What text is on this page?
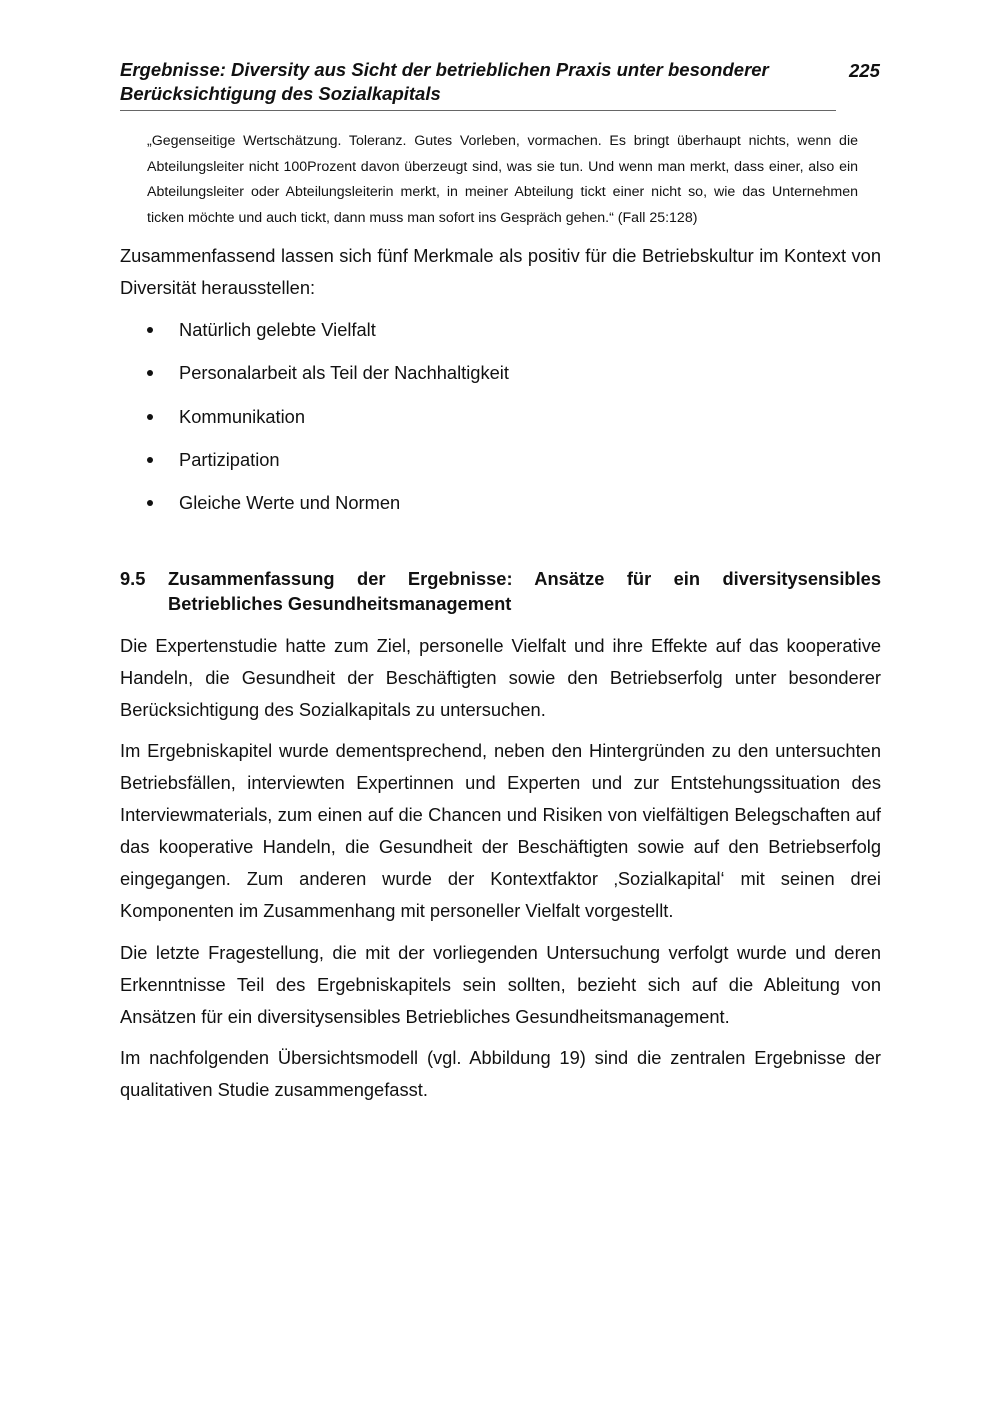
Ergebnisse: Diversity aus Sicht der betrieblichen Praxis unter besonderer
Berücksichtigung des Sozialkapitals
225
„Gegenseitige Wertschätzung. Toleranz. Gutes Vorleben, vormachen. Es bringt überhaupt nichts, wenn die Abteilungsleiter nicht 100Prozent davon überzeugt sind, was sie tun. Und wenn man merkt, dass einer, also ein Abteilungsleiter oder Abteilungsleiterin merkt, in meiner Abteilung tickt einer nicht so, wie das Unternehmen ticken möchte und auch tickt, dann muss man sofort ins Gespräch gehen.“ (Fall 25:128)

Zusammenfassend lassen sich fünf Merkmale als positiv für die Betriebskultur im Kontext von Diversität herausstellen:

Natürlich gelebte Vielfalt
Personalarbeit als Teil der Nachhaltigkeit
Kommunikation
Partizipation
Gleiche Werte und Normen
9.5 Zusammenfassung der Ergebnisse: Ansätze für ein diversitysensibles Betriebliches Gesundheitsmanagement

Die Expertenstudie hatte zum Ziel, personelle Vielfalt und ihre Effekte auf das kooperative Handeln, die Gesundheit der Beschäftigten sowie den Betriebserfolg unter besonderer Berücksichtigung des Sozialkapitals zu untersuchen.

Im Ergebniskapitel wurde dementsprechend, neben den Hintergründen zu den untersuchten Betriebsfällen, interviewten Expertinnen und Experten und zur Entstehungssituation des Interviewmaterials, zum einen auf die Chancen und Risiken von vielfältigen Belegschaften auf das kooperative Handeln, die Gesundheit der Beschäftigten sowie auf den Betriebserfolg eingegangen. Zum anderen wurde der Kontextfaktor ‚Sozialkapital‘ mit seinen drei Komponenten im Zusammenhang mit personeller Vielfalt vorgestellt.

Die letzte Fragestellung, die mit der vorliegenden Untersuchung verfolgt wurde und deren Erkenntnisse Teil des Ergebniskapitels sein sollten, bezieht sich auf die Ableitung von Ansätzen für ein diversitysensibles Betriebliches Gesundheitsmanagement.

Im nachfolgenden Übersichtsmodell (vgl. Abbildung 19) sind die zentralen Ergebnisse der qualitativen Studie zusammengefasst.
